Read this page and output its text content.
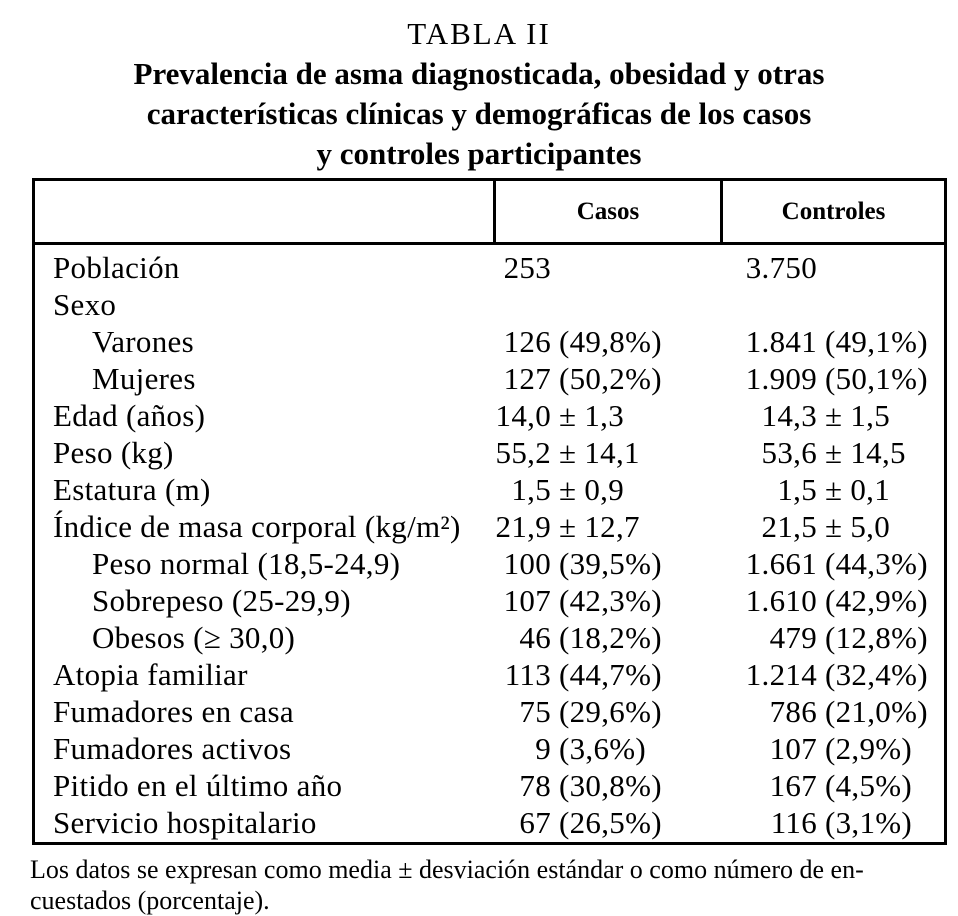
TABLA II
Prevalencia de asma diagnosticada, obesidad y otras
características clínicas y demográficas de los casos
y controles participantes
Casos	Controles
Población	253	3.750
Sexo
Varones	126 (49,8%)	1.841 (49,1%)
Mujeres	127 (50,2%)	1.909 (50,1%)
Edad (años)	14,0 ± 1,3	14,3 ± 1,5
Peso (kg)	55,2 ± 14,1	53,6 ± 14,5
Estatura (m)	1,5 ± 0,9	1,5 ± 0,1
Índice de masa corporal (kg/m²)	21,9 ± 12,7	21,5 ± 5,0
Peso normal (18,5-24,9)	100 (39,5%)	1.661 (44,3%)
Sobrepeso (25-29,9)	107 (42,3%)	1.610 (42,9%)
Obesos (≥ 30,0)	46 (18,2%)	479 (12,8%)
Atopia familiar	113 (44,7%)	1.214 (32,4%)
Fumadores en casa	75 (29,6%)	786 (21,0%)
Fumadores activos	9 (3,6%)	107 (2,9%)
Pitido en el último año	78 (30,8%)	167 (4,5%)
Servicio hospitalario	67 (26,5%)	116 (3,1%)
Los datos se expresan como media ± desviación estándar o como número de en-
cuestados (porcentaje).
